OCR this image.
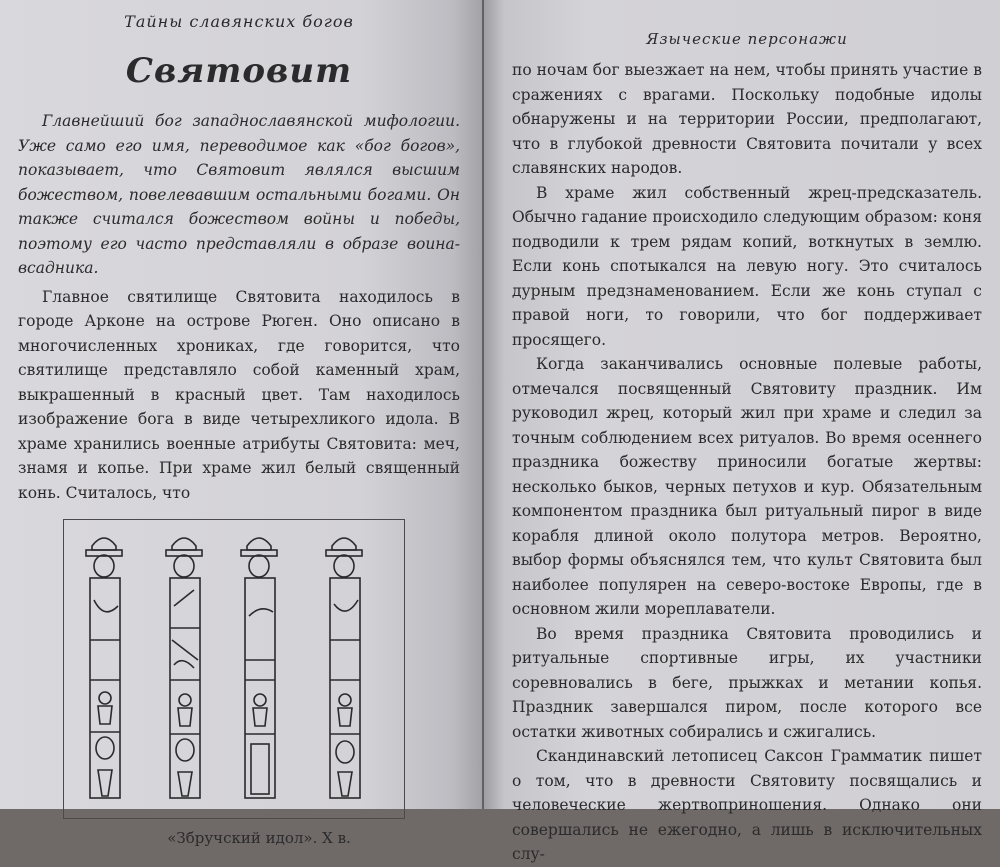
Тайны славянских богов
Святовит

Главнейший бог западнославянской мифологии. Уже само его имя, переводимое как «бог богов», показывает, что Святовит являлся высшим божеством, повелевавшим остальными богами. Он также считался божеством войны и победы, поэтому его часто представляли в образе воина-всадника.

Главное святилище Святовита находилось в городе Арконе на острове Рюген. Оно описано в многочисленных хрониках, где говорится, что святилище представляло собой каменный храм, выкрашенный в красный цвет. Там находилось изображение бога в виде четырехликого идола. В храме хранились военные атрибуты Святовита: меч, знамя и копье. При храме жил белый священный конь. Считалось, что

«Збручский идол». X в.
Языческие персонажи

по ночам бог выезжает на нем, чтобы принять участие в сражениях с врагами. Поскольку подобные идолы обнаружены и на территории России, предполагают, что в глубокой древности Святовита почитали у всех славянских народов.

В храме жил собственный жрец-предсказатель. Обычно гадание происходило следующим образом: коня подводили к трем рядам копий, воткнутых в землю. Если конь спотыкался на левую ногу. Это считалось дурным предзнаменованием. Если же конь ступал с правой ноги, то говорили, что бог поддерживает просящего.

Когда заканчивались основные полевые работы, отмечался посвященный Святовиту праздник. Им руководил жрец, который жил при храме и следил за точным соблюдением всех ритуалов. Во время осеннего праздника божеству приносили богатые жертвы: несколько быков, черных петухов и кур. Обязательным компонентом праздника был ритуальный пирог в виде корабля длиной около полутора метров. Вероятно, выбор формы объяснялся тем, что культ Святовита был наиболее популярен на северо-востоке Европы, где в основном жили мореплаватели.

Во время праздника Святовита проводились и ритуальные спортивные игры, их участники соревновались в беге, прыжках и метании копья. Праздник завершался пиром, после которого все остатки животных собирались и сжигались.

Скандинавский летописец Саксон Грамматик пишет о том, что в древности Святовиту посвящались и человеческие жертвоприношения. Однако они совершались не ежегодно, а лишь в исключительных слу-
